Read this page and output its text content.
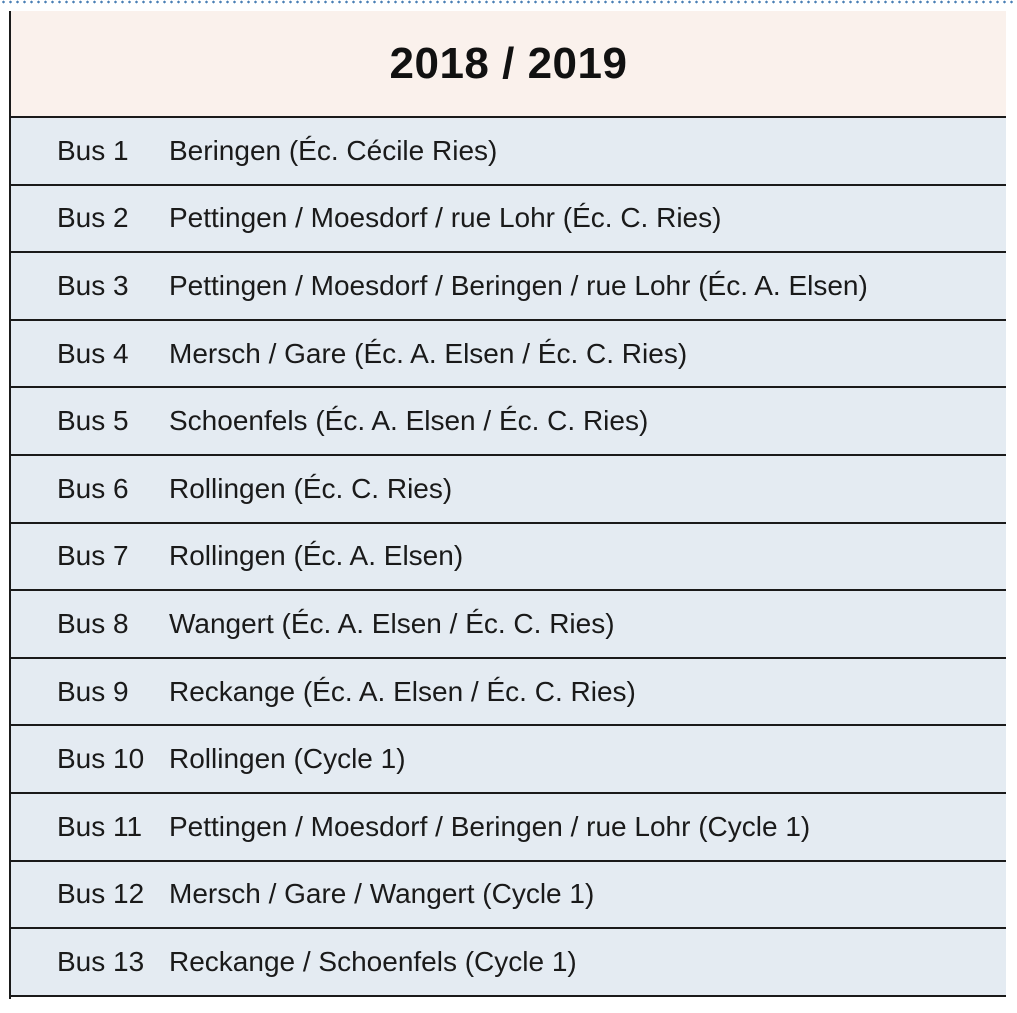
2018 / 2019
Bus 1	Beringen (Éc. Cécile Ries)
Bus 2	Pettingen / Moesdorf / rue Lohr (Éc. C. Ries)
Bus 3	Pettingen / Moesdorf / Beringen / rue Lohr (Éc. A. Elsen)
Bus 4	Mersch / Gare (Éc. A. Elsen / Éc. C. Ries)
Bus 5	Schoenfels (Éc. A. Elsen / Éc. C. Ries)
Bus 6	Rollingen (Éc. C. Ries)
Bus 7	Rollingen (Éc. A. Elsen)
Bus 8	Wangert (Éc. A. Elsen / Éc. C. Ries)
Bus 9	Reckange (Éc. A. Elsen / Éc. C. Ries)
Bus 10 Rollingen (Cycle 1)
Bus 11 Pettingen / Moesdorf / Beringen / rue Lohr (Cycle 1)
Bus 12 Mersch / Gare / Wangert (Cycle 1)
Bus 13 Reckange / Schoenfels (Cycle 1)
